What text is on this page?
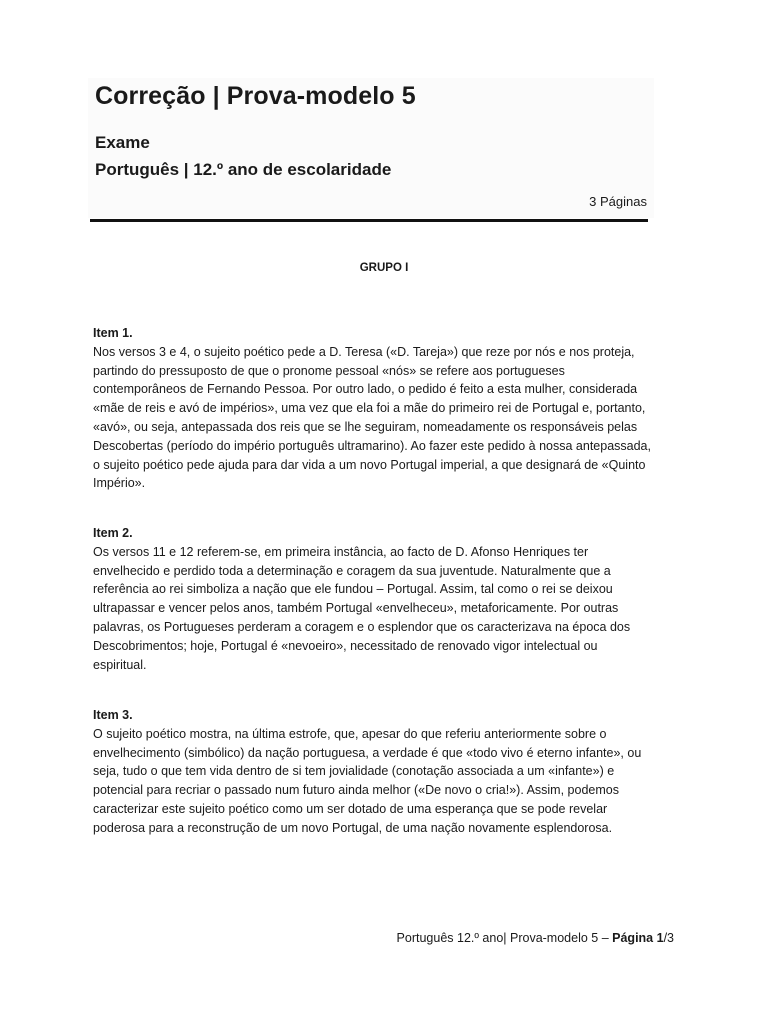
Correção | Prova-modelo 5
Exame
Português | 12.º ano de escolaridade
3 Páginas
GRUPO I
Item 1.
Nos versos 3 e 4, o sujeito poético pede a D. Teresa («D. Tareja») que reze por nós e nos proteja,
partindo do pressuposto de que o pronome pessoal «nós» se refere aos portugueses
contemporâneos de Fernando Pessoa. Por outro lado, o pedido é feito a esta mulher, considerada
«mãe de reis e avó de impérios», uma vez que ela foi a mãe do primeiro rei de Portugal e, portanto,
«avó», ou seja, antepassada dos reis que se lhe seguiram, nomeadamente os responsáveis pelas
Descobertas (período do império português ultramarino). Ao fazer este pedido à nossa antepassada,
o sujeito poético pede ajuda para dar vida a um novo Portugal imperial, a que designará de «Quinto
Império».
Item 2.
Os versos 11 e 12 referem-se, em primeira instância, ao facto de D. Afonso Henriques ter
envelhecido e perdido toda a determinação e coragem da sua juventude. Naturalmente que a
referência ao rei simboliza a nação que ele fundou – Portugal. Assim, tal como o rei se deixou
ultrapassar e vencer pelos anos, também Portugal «envelheceu», metaforicamente. Por outras
palavras, os Portugueses perderam a coragem e o esplendor que os caracterizava na época dos
Descobrimentos; hoje, Portugal é «nevoeiro», necessitado de renovado vigor intelectual ou
espiritual.
Item 3.
O sujeito poético mostra, na última estrofe, que, apesar do que referiu anteriormente sobre o
envelhecimento (simbólico) da nação portuguesa, a verdade é que «todo vivo é eterno infante», ou
seja, tudo o que tem vida dentro de si tem jovialidade (conotação associada a um «infante») e
potencial para recriar o passado num futuro ainda melhor («De novo o cria!»). Assim, podemos
caracterizar este sujeito poético como um ser dotado de uma esperança que se pode revelar
poderosa para a reconstrução de um novo Portugal, de uma nação novamente esplendorosa.
Português 12.º ano| Prova-modelo 5 – Página 1/3
